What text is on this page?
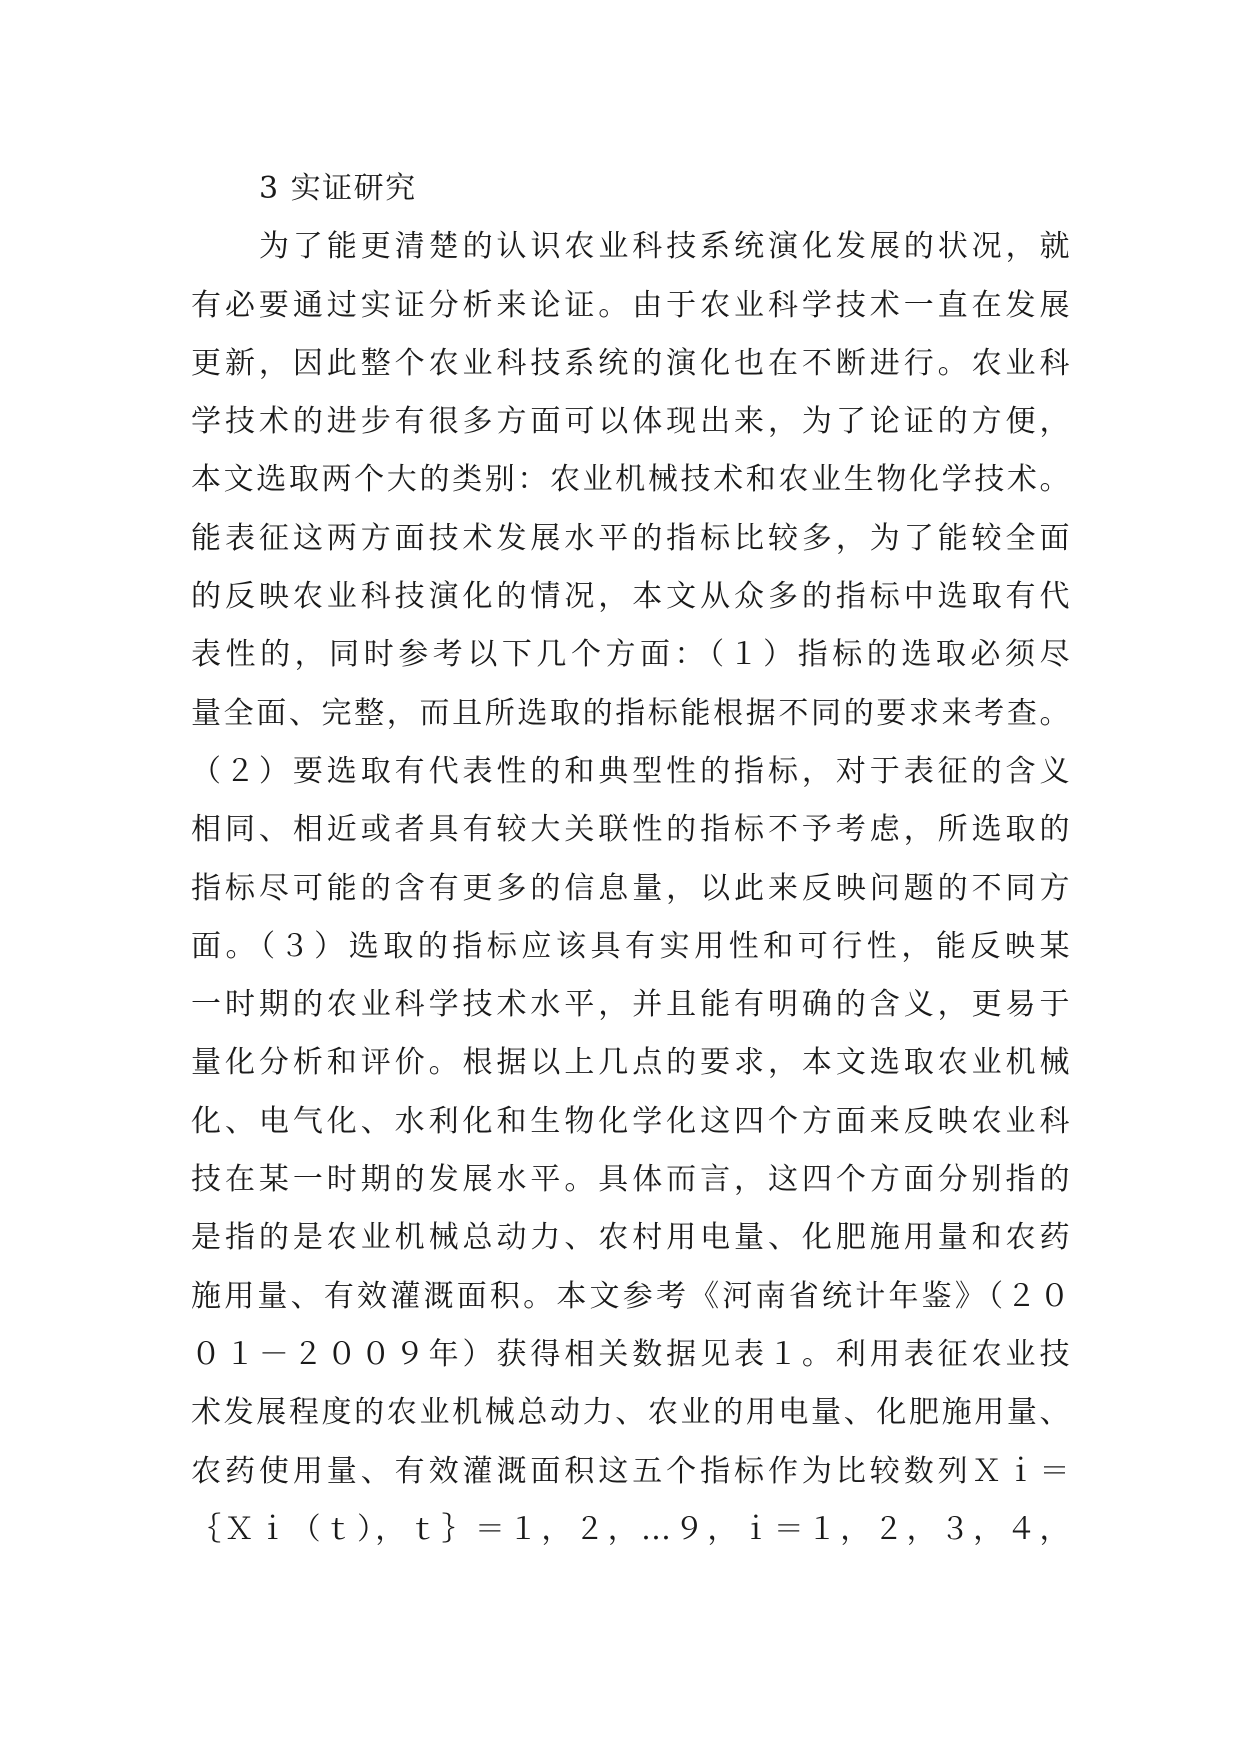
3 实证研究
为了能更清楚的认识农业科技系统演化发展的状况，就
有必要通过实证分析来论证。由于农业科学技术一直在发展
更新，因此整个农业科技系统的演化也在不断进行。农业科
学技术的进步有很多方面可以体现出来，为了论证的方便，
本文选取两个大的类别：农业机械技术和农业生物化学技术。
能表征这两方面技术发展水平的指标比较多，为了能较全面
的反映农业科技演化的情况，本文从众多的指标中选取有代
表性的，同时参考以下几个方面：（１）指标的选取必须尽
量全面、完整，而且所选取的指标能根据不同的要求来考查。
（２）要选取有代表性的和典型性的指标，对于表征的含义
相同、相近或者具有较大关联性的指标不予考虑，所选取的
指标尽可能的含有更多的信息量，以此来反映问题的不同方
面。（３）选取的指标应该具有实用性和可行性，能反映某
一时期的农业科学技术水平，并且能有明确的含义，更易于
量化分析和评价。根据以上几点的要求，本文选取农业机械
化、电气化、水利化和生物化学化这四个方面来反映农业科
技在某一时期的发展水平。具体而言，这四个方面分别指的
是指的是农业机械总动力、农村用电量、化肥施用量和农药
施用量、有效灌溉面积。本文参考《河南省统计年鉴》（２０
０１－２００９年）获得相关数据见表１。利用表征农业技
术发展程度的农业机械总动力、农业的用电量、化肥施用量、
农药使用量、有效灌溉面积这五个指标作为比较数列Ｘｉ＝
｛Ｘｉ（ｔ），ｔ｝＝１，２，…９，ｉ＝１，２，３，４，
